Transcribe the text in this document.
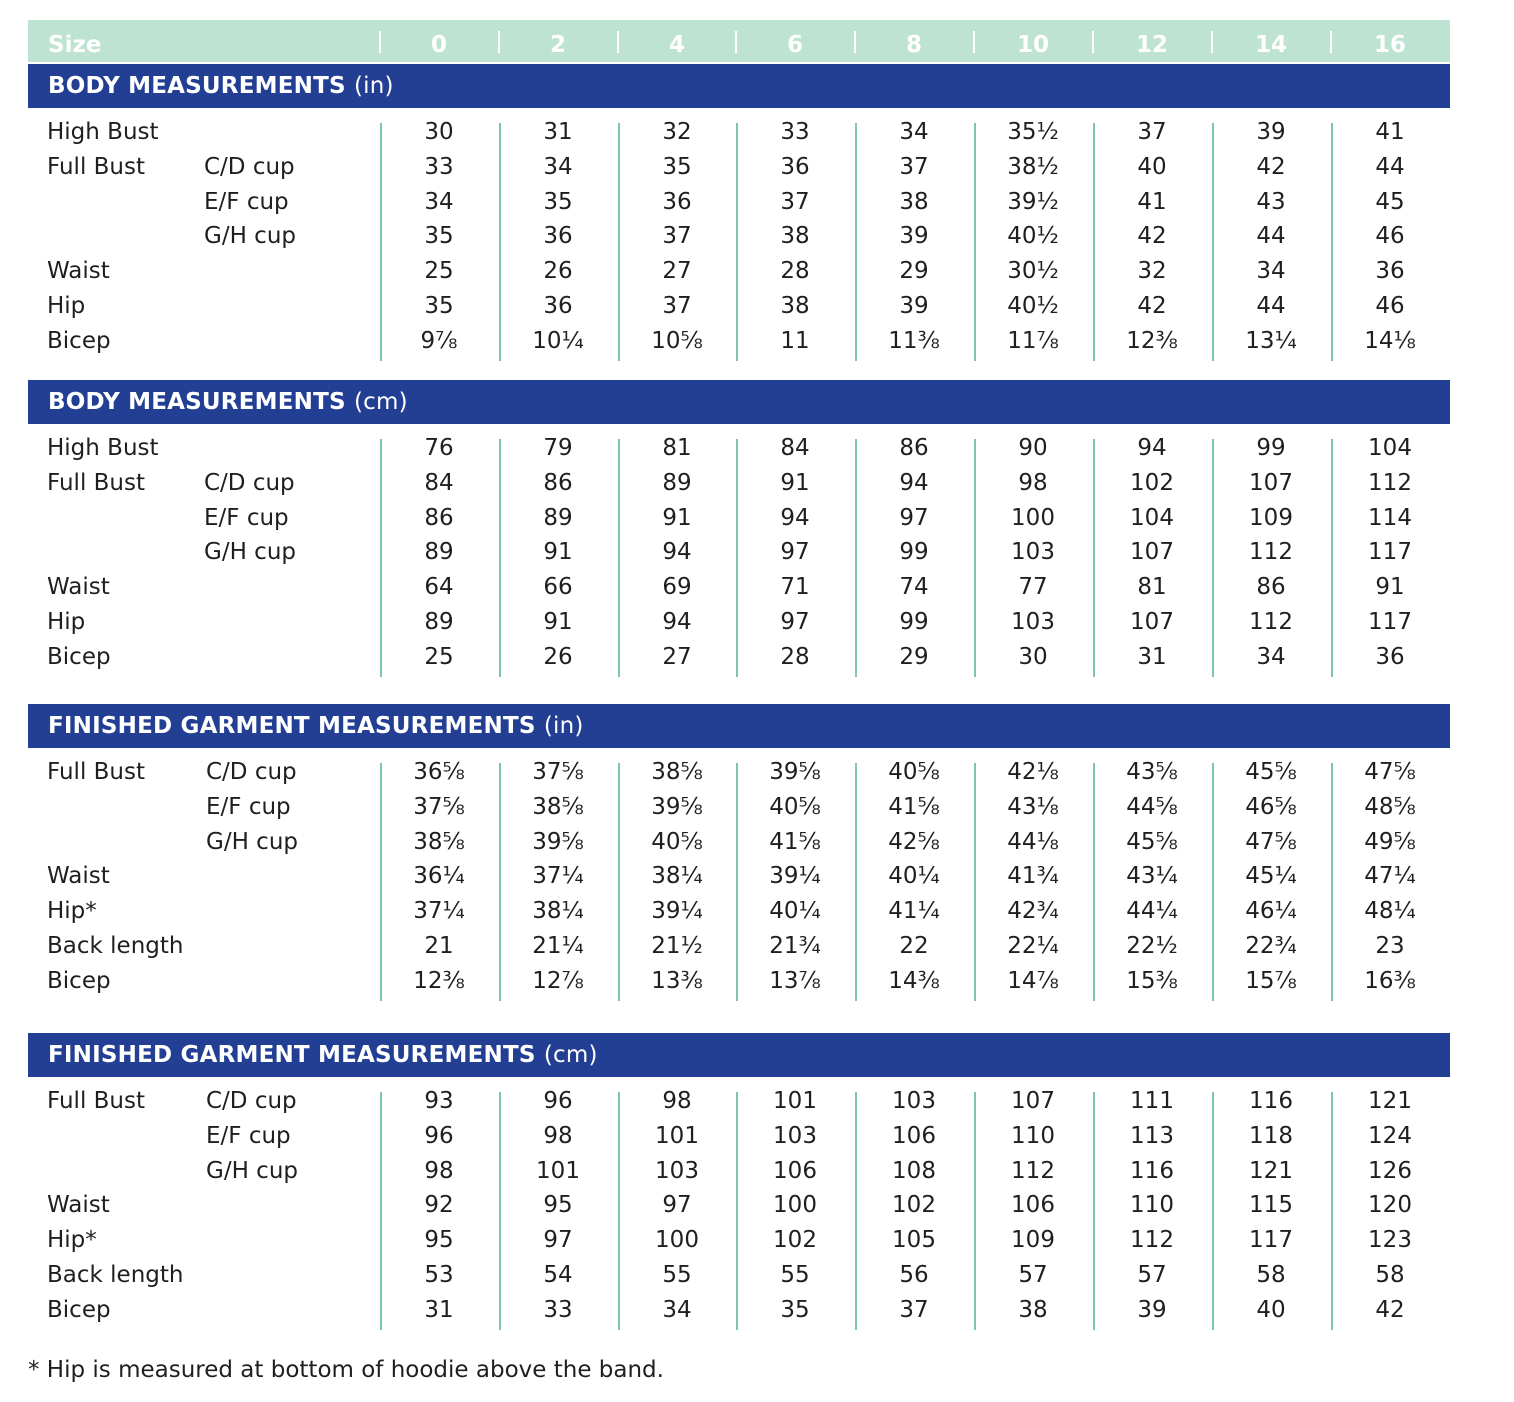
Size	0	2	4	6	8	10	12	14	16
BODY MEASUREMENTS (in)
High Bust	30	31	32	33	34	35½	37	39	41
Full Bust	C/D cup	33	34	35	36	37	38½	40	42	44
E/F cup	34	35	36	37	38	39½	41	43	45
G/H cup	35	36	37	38	39	40½	42	44	46
Waist	25	26	27	28	29	30½	32	34	36
Hip	35	36	37	38	39	40½	42	44	46
Bicep	9⅞	10¼	10⅝	11	11⅜	11⅞	12⅜	13¼	14⅛
BODY MEASUREMENTS (cm)
High Bust	76	79	81	84	86	90	94	99	104
Full Bust	C/D cup	84	86	89	91	94	98	102	107	112
E/F cup	86	89	91	94	97	100	104	109	114
G/H cup	89	91	94	97	99	103	107	112	117
Waist	64	66	69	71	74	77	81	86	91
Hip	89	91	94	97	99	103	107	112	117
Bicep	25	26	27	28	29	30	31	34	36
FINISHED GARMENT MEASUREMENTS (in)
Full Bust	C/D cup	36⅝	37⅝	38⅝	39⅝	40⅝	42⅛	43⅝	45⅝	47⅝
E/F cup	37⅝	38⅝	39⅝	40⅝	41⅝	43⅛	44⅝	46⅝	48⅝
G/H cup	38⅝	39⅝	40⅝	41⅝	42⅝	44⅛	45⅝	47⅝	49⅝
Waist	36¼	37¼	38¼	39¼	40¼	41¾	43¼	45¼	47¼
Hip*	37¼	38¼	39¼	40¼	41¼	42¾	44¼	46¼	48¼
Back length	21	21¼	21½	21¾	22	22¼	22½	22¾	23
Bicep	12⅜	12⅞	13⅜	13⅞	14⅜	14⅞	15⅜	15⅞	16⅜
FINISHED GARMENT MEASUREMENTS (cm)
Full Bust	C/D cup	93	96	98	101	103	107	111	116	121
E/F cup	96	98	101	103	106	110	113	118	124
G/H cup	98	101	103	106	108	112	116	121	126
Waist	92	95	97	100	102	106	110	115	120
Hip*	95	97	100	102	105	109	112	117	123
Back length	53	54	55	55	56	57	57	58	58
Bicep	31	33	34	35	37	38	39	40	42
* Hip is measured at bottom of hoodie above the band.
